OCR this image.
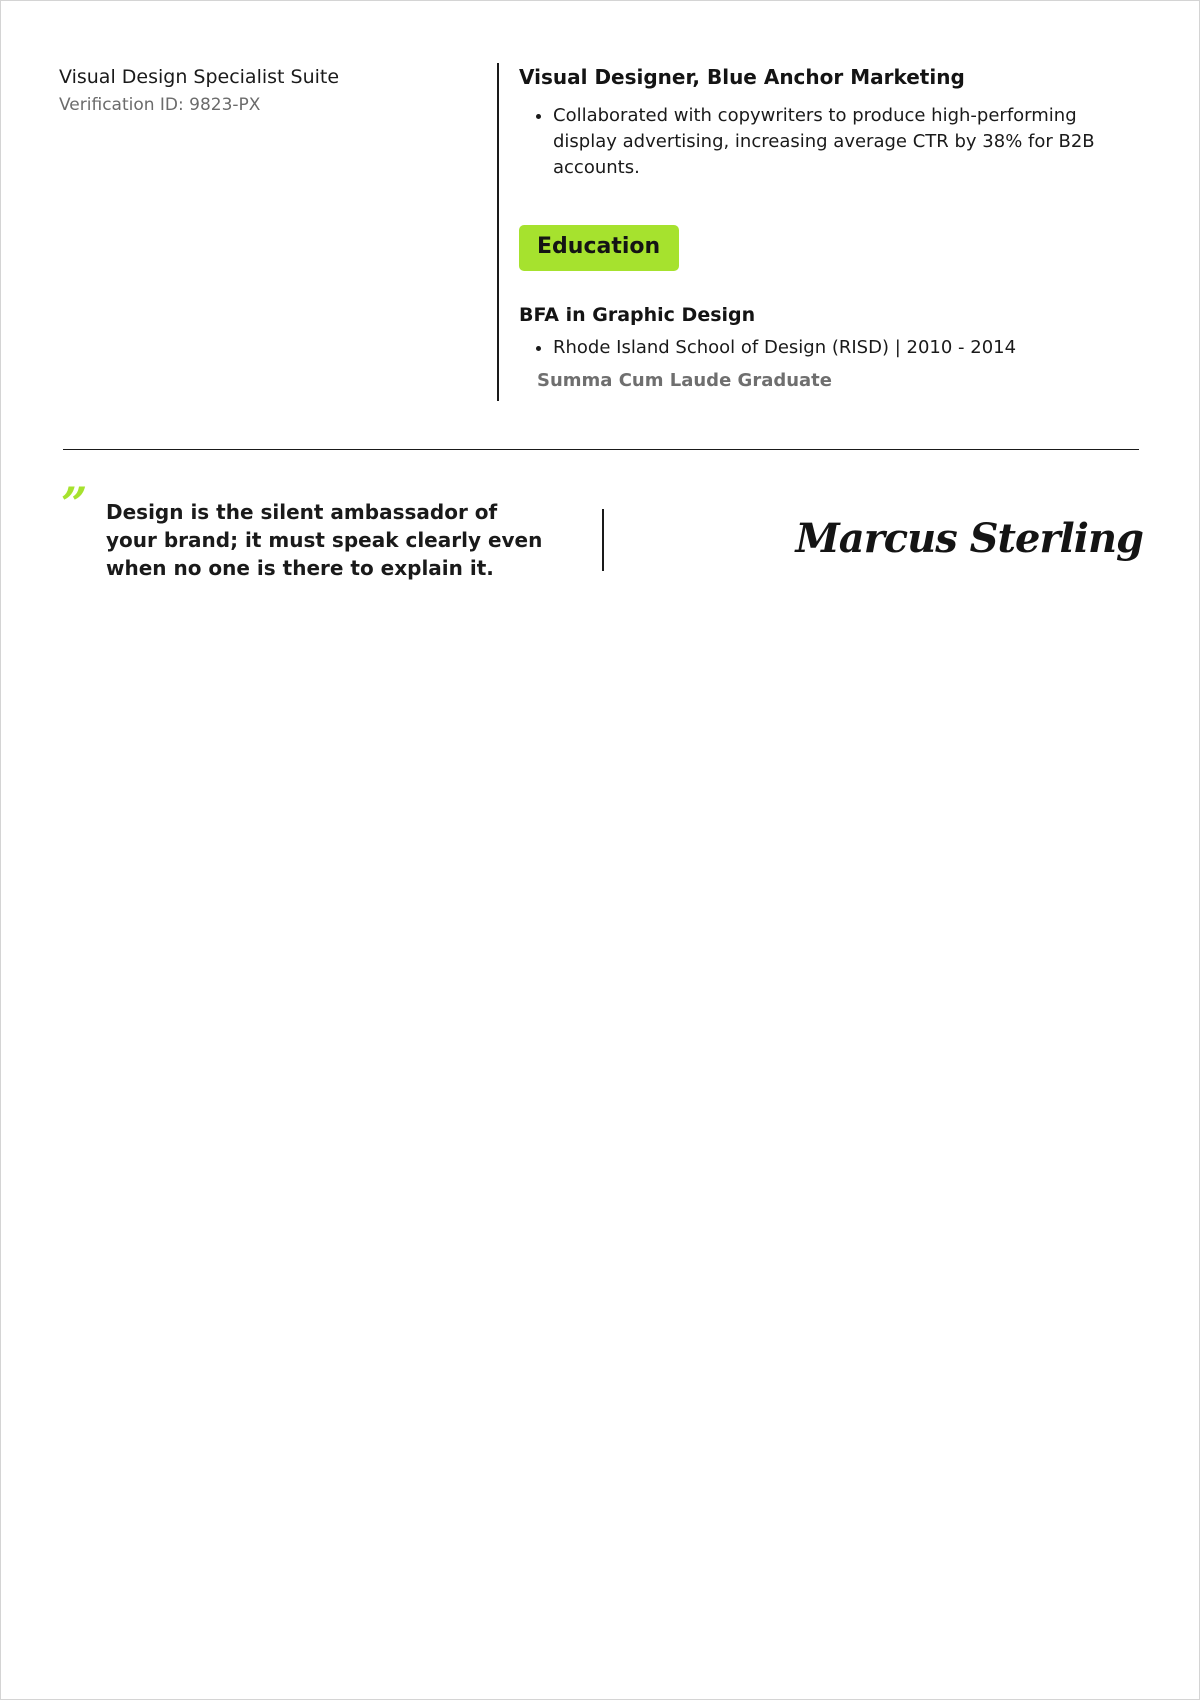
Visual Design Specialist Suite
Verification ID: 9823-PX
Visual Designer, Blue Anchor Marketing
• Collaborated with copywriters to produce high-performing display advertising, increasing average CTR by 38% for B2B accounts.
Education
BFA in Graphic Design
• Rhode Island School of Design (RISD) | 2010 - 2014
Summa Cum Laude Graduate
” Design is the silent ambassador of your brand; it must speak clearly even when no one is there to explain it.
Marcus Sterling
